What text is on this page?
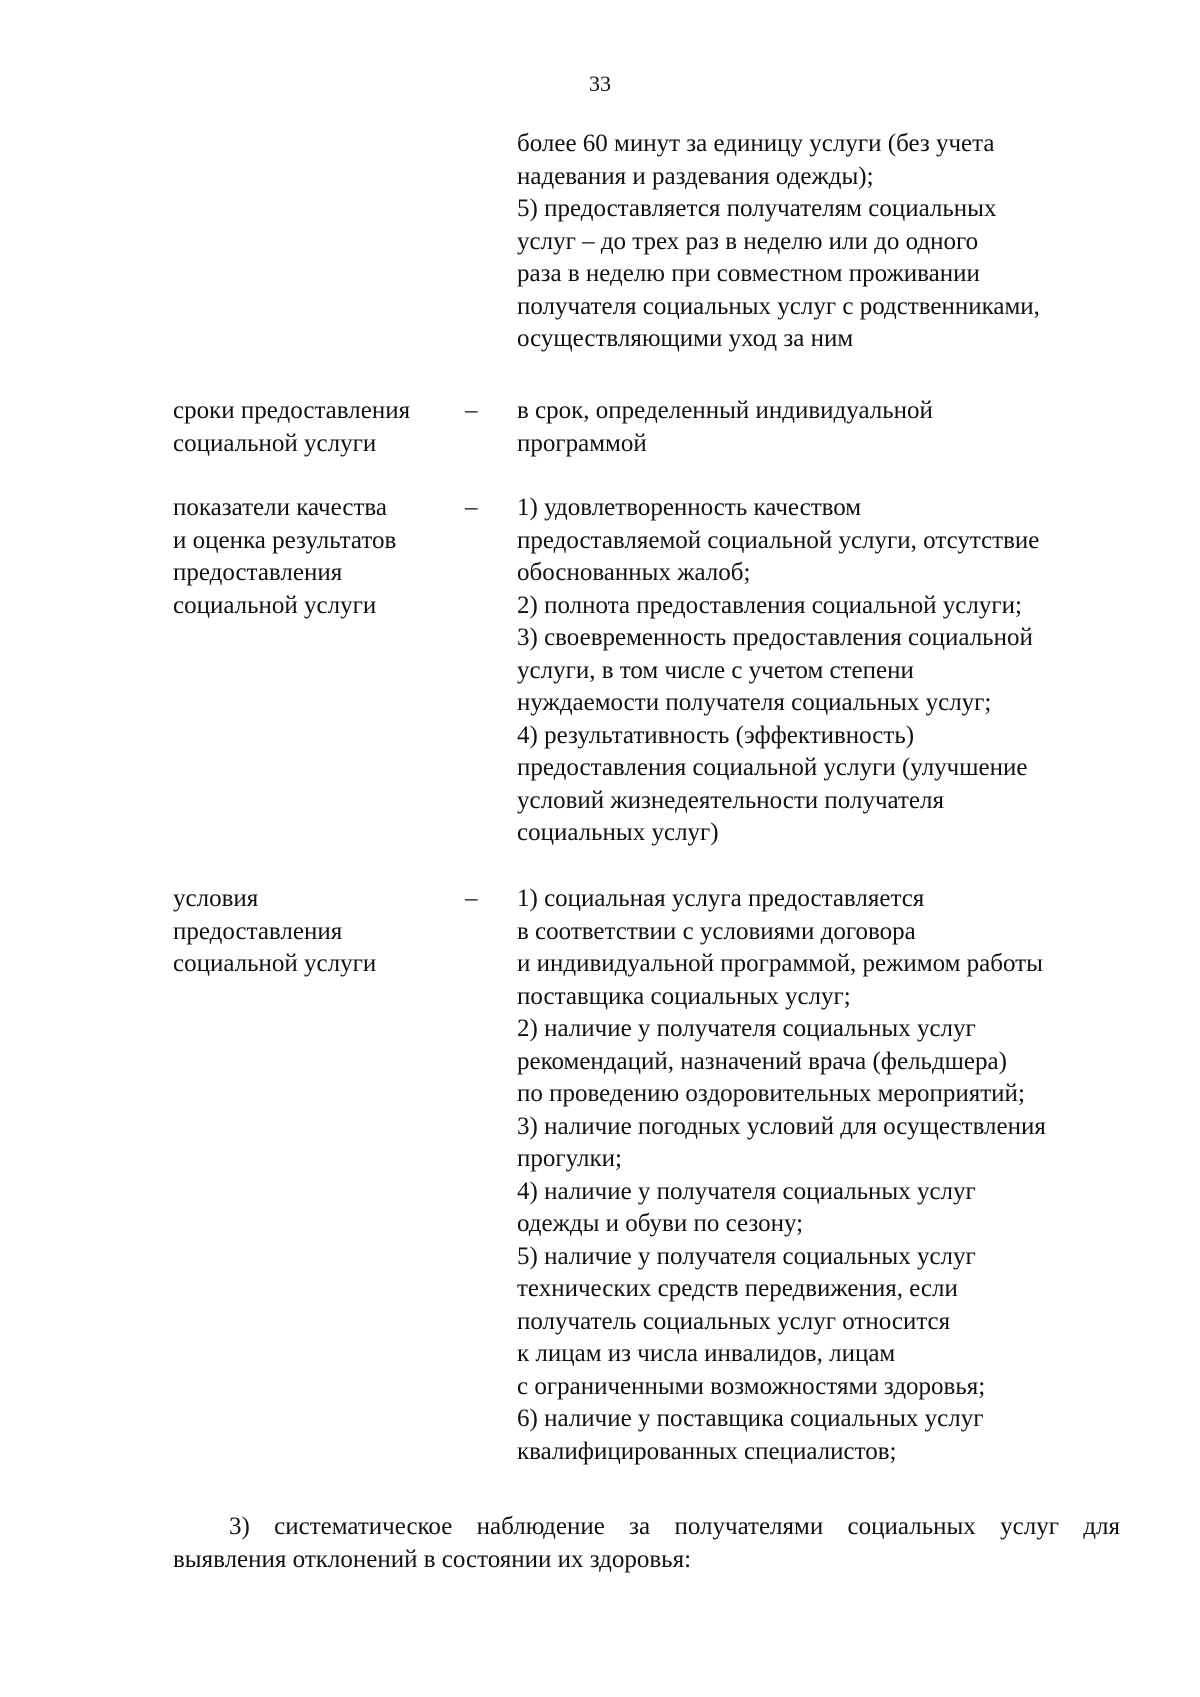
33
более 60 минут за единицу услуги (без учета
надевания и раздевания одежды);
5) предоставляется получателям социальных
услуг – до трех раз в неделю или до одного
раза в неделю при совместном проживании
получателя социальных услуг с родственниками,
осуществляющими уход за ним
сроки предоставления
социальной услуги
– в срок, определенный индивидуальной
программой
показатели качества
и оценка результатов
предоставления
социальной услуги
– 1) удовлетворенность качеством
предоставляемой социальной услуги, отсутствие
обоснованных жалоб;
2) полнота предоставления социальной услуги;
3) своевременность предоставления социальной
услуги, в том числе с учетом степени
нуждаемости получателя социальных услуг;
4) результативность (эффективность)
предоставления социальной услуги (улучшение
условий жизнедеятельности получателя
социальных услуг)
условия
предоставления
социальной услуги
– 1) социальная услуга предоставляется
в соответствии с условиями договора
и индивидуальной программой, режимом работы
поставщика социальных услуг;
2) наличие у получателя социальных услуг
рекомендаций, назначений врача (фельдшера)
по проведению оздоровительных мероприятий;
3) наличие погодных условий для осуществления
прогулки;
4) наличие у получателя социальных услуг
одежды и обуви по сезону;
5) наличие у получателя социальных услуг
технических средств передвижения, если
получатель социальных услуг относится
к лицам из числа инвалидов, лицам
с ограниченными возможностями здоровья;
6) наличие у поставщика социальных услуг
квалифицированных специалистов;
3) систематическое наблюдение за получателями социальных услуг для
выявления отклонений в состоянии их здоровья:
